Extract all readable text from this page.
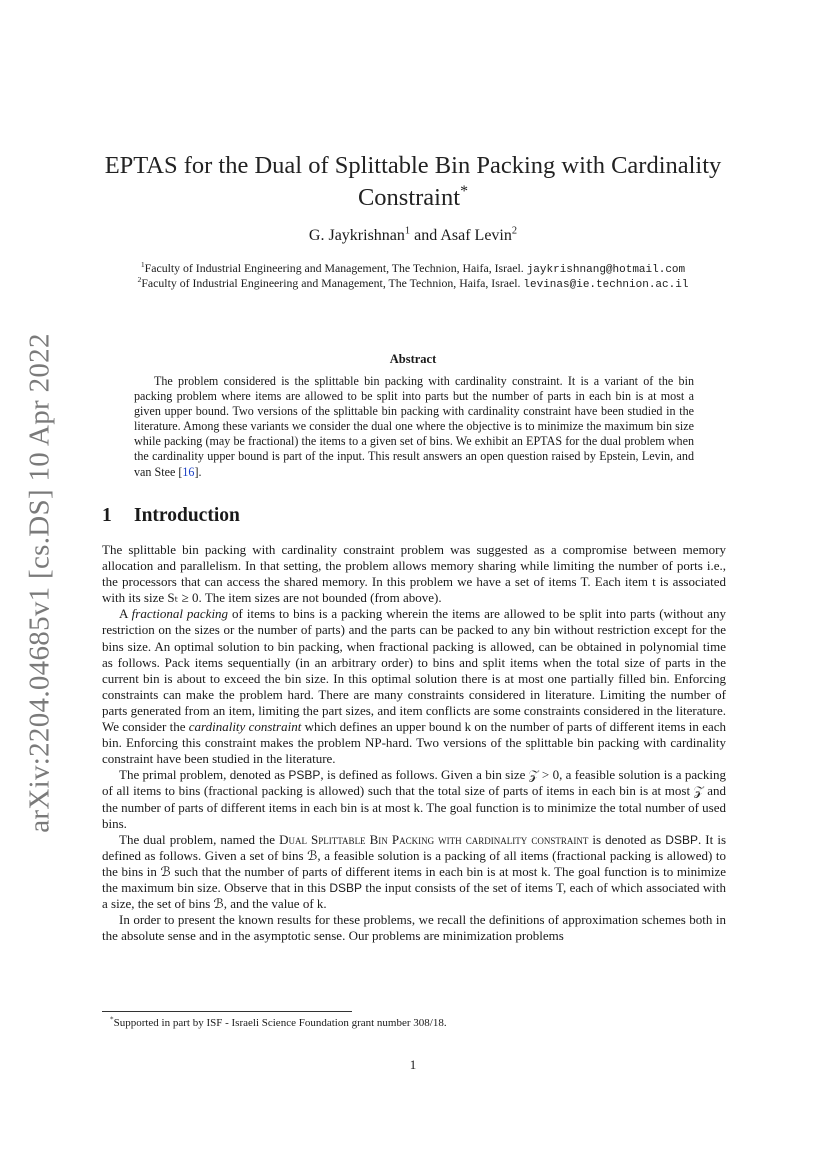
arXiv:2204.04685v1 [cs.DS] 10 Apr 2022
EPTAS for the Dual of Splittable Bin Packing with Cardinality Constraint*
G. Jaykrishnan$^1$ and Asaf Levin$^2$
$^1$Faculty of Industrial Engineering and Management, The Technion, Haifa, Israel. jaykrishnang@hotmail.com
$^2$Faculty of Industrial Engineering and Management, The Technion, Haifa, Israel. levinas@ie.technion.ac.il
Abstract

The problem considered is the splittable bin packing with cardinality constraint. It is a variant of the bin packing problem where items are allowed to be split into parts but the number of parts in each bin is at most a given upper bound. Two versions of the splittable bin packing with cardinality constraint have been studied in the literature. Among these variants we consider the dual one where the objective is to minimize the maximum bin size while packing (may be fractional) the items to a given set of bins. We exhibit an EPTAS for the dual problem when the cardinality upper bound is part of the input. This result answers an open question raised by Epstein, Levin, and van Stee [16].

1 Introduction

The splittable bin packing with cardinality constraint problem was suggested as a compromise between memory allocation and parallelism. In that setting, the problem allows memory sharing while limiting the number of ports i.e., the processors that can access the shared memory. In this problem we have a set of items T. Each item t is associated with its size Sₜ ≥ 0. The item sizes are not bounded (from above).

A fractional packing of items to bins is a packing wherein the items are allowed to be split into parts (without any restriction on the sizes or the number of parts) and the parts can be packed to any bin without restriction except for the bins size. An optimal solution to bin packing, when fractional packing is allowed, can be obtained in polynomial time as follows. Pack items sequentially (in an arbitrary order) to bins and split items when the total size of parts in the current bin is about to exceed the bin size. In this optimal solution there is at most one partially filled bin. Enforcing constraints can make the problem hard. There are many constraints considered in literature. Limiting the number of parts generated from an item, limiting the part sizes, and item conflicts are some constraints considered in the literature. We consider the cardinality constraint which defines an upper bound k on the number of parts of different items in each bin. Enforcing this constraint makes the problem NP-hard. Two versions of the splittable bin packing with cardinality constraint have been studied in the literature.

The primal problem, denoted as PSBP, is defined as follows. Given a bin size 𝒵 > 0, a feasible solution is a packing of all items to bins (fractional packing is allowed) such that the total size of parts of items in each bin is at most 𝒵 and the number of parts of different items in each bin is at most k. The goal function is to minimize the total number of used bins.

The dual problem, named the Dual Splittable Bin Packing with cardinality constraint is denoted as DSBP. It is defined as follows. Given a set of bins ℬ, a feasible solution is a packing of all items (fractional packing is allowed) to the bins in ℬ such that the number of parts of different items in each bin is at most k. The goal function is to minimize the maximum bin size. Observe that in this DSBP the input consists of the set of items T, each of which associated with a size, the set of bins ℬ, and the value of k.

In order to present the known results for these problems, we recall the definitions of approximation schemes both in the absolute sense and in the asymptotic sense. Our problems are minimization problems

*Supported in part by ISF - Israeli Science Foundation grant number 308/18.
1
